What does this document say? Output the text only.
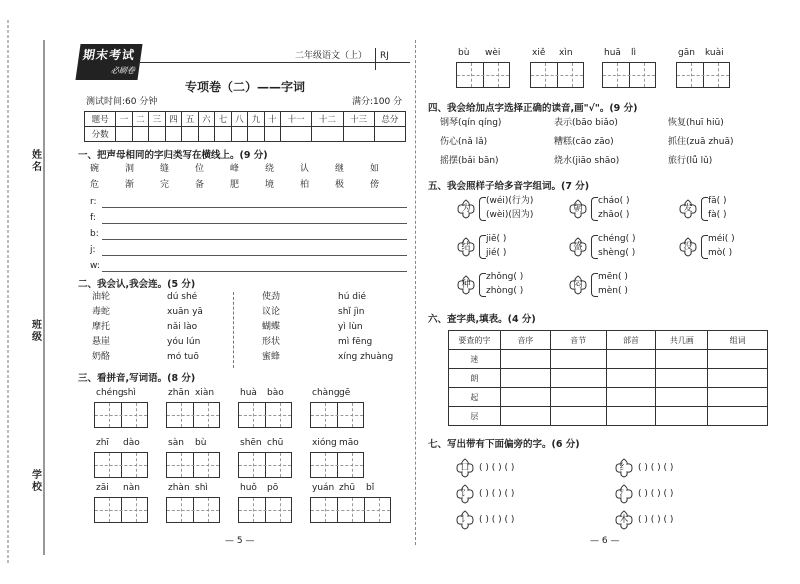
姓名
班级
学校
期末考试
必刷卷
二年级语文（上） RJ
专项卷（二）——字词
测试时间:60 分钟	满分:100 分
题号	一	二	三	四	五	六	七	八	九	十	十一	十二	十三	总分
分数														
一、把声母相同的字归类写在横线上。(9 分)
碗	洞	缝	位	峰	绕	认	继	如
危	渐	完	备	肥	境	柏	极	傍
r:
f:
b:
j:
w:
二、我会认,我会连。(5 分)
油轮	dú shé
毒蛇	xuān yā
摩托	nǎi lào
悬崖	yóu lún
奶酪	mó tuō
使劲	hú dié
议论	shǐ jìn
蝴蝶	yì lùn
形状	mì fēng
蜜蜂	xíng zhuàng
三、看拼音,写词语。(8 分)
chéng shì	zhān xiàn	huà bào	chàng gē
zhī dào	sàn bù	shēn chū	xióng māo
zāi nàn	zhàn shì	huǒ pō	yuán zhū bǐ
bù wèi	xiě xìn	huā lì	gān kuài
四、我会给加点字选择正确的读音,画"√"。(9 分)
钢琴(qín qíng)	表示(bāo biǎo)	恢复(huī hiū)
伤心(nǎ lǎ)	糟糕(cāo zāo)	抓住(zuā zhuā)
摇摆(bǎi bān)	烧水(jiāo shāo)	旅行(lǚ lǔ)
五、我会照样子给多音字组词。(7 分)
为
(wéi)(行为)
(wèi)(因为)
朝
cháo( )
zhāo( )
发
fā( )
fà( )
结
jiē( )
jié( )
盛
chéng( )
shèng( )
没
méi( )
mò( )
种
zhǒng( )
zhòng( )
闷
mēn( )
mèn( )
六、查字典,填表。(4 分)
要查的字	音序	音节	部首	共几画	组词
迷					
朗					
起					
层					
七、写出带有下面偏旁的字。(6 分)
口	( ) ( ) ( )
饣	( ) ( ) ( )
讠	( ) ( ) ( )
纟	( ) ( ) ( )
氵	( ) ( ) ( )
木	( ) ( ) ( )
— 5 —	— 6 —
